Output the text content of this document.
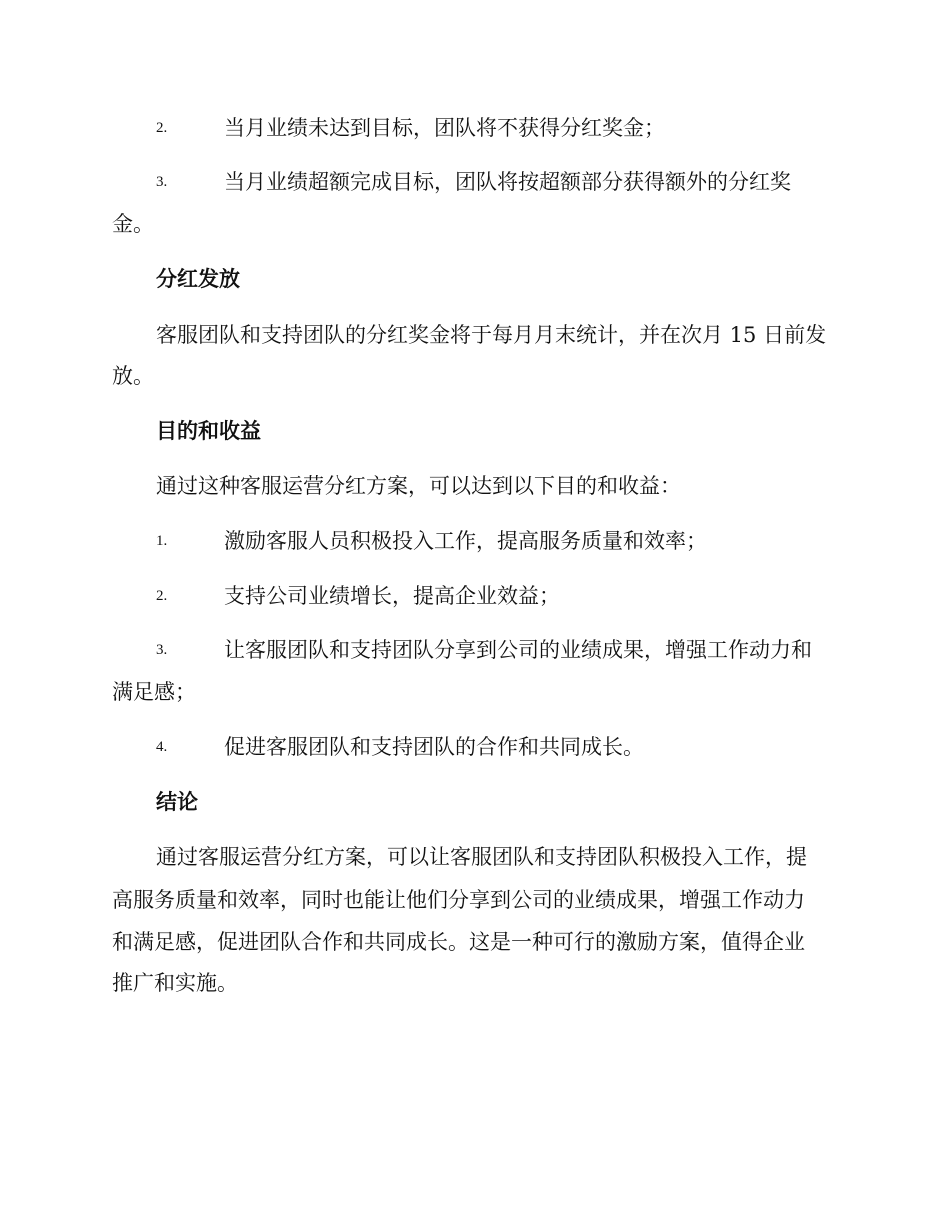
2.	当月业绩未达到目标，团队将不获得分红奖金；
3.	当月业绩超额完成目标，团队将按超额部分获得额外的分红奖
金。
分红发放
客服团队和支持团队的分红奖金将于每月月末统计，并在次月 15 日前发
放。
目的和收益
通过这种客服运营分红方案，可以达到以下目的和收益：
1.	激励客服人员积极投入工作，提高服务质量和效率；
2.	支持公司业绩增长，提高企业效益；
3.	让客服团队和支持团队分享到公司的业绩成果，增强工作动力和
满足感；
4.	促进客服团队和支持团队的合作和共同成长。
结论
通过客服运营分红方案，可以让客服团队和支持团队积极投入工作，提
高服务质量和效率，同时也能让他们分享到公司的业绩成果，增强工作动力
和满足感，促进团队合作和共同成长。这是一种可行的激励方案，值得企业
推广和实施。
